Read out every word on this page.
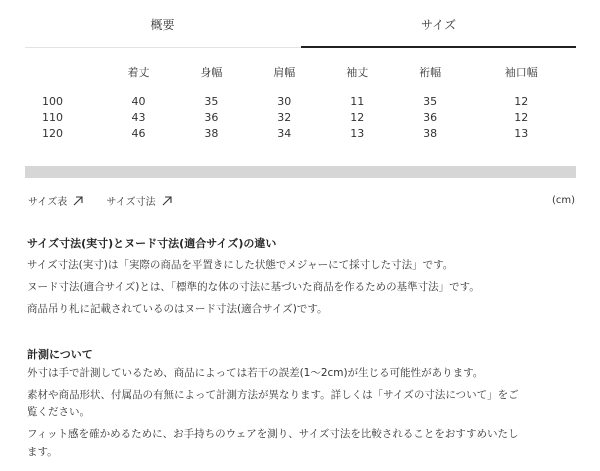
概要	サイズ
	着丈	身幅	肩幅	袖丈	裄幅	袖口幅
100	40	35	30	11	35	12
110	43	36	32	12	36	12
120	46	38	34	13	38	13
サイズ表
	サイズ寸法	(cm)
サイズ寸法(実寸)とヌード寸法(適合サイズ)の違い
サイズ寸法(実寸)は「実際の商品を平置きにした状態でメジャーにて採寸した寸法」です。
ヌード寸法(適合サイズ)とは、「標準的な体の寸法に基づいた商品を作るための基準寸法」です。
商品吊り札に記載されているのはヌード寸法(適合サイズ)です。
計測について
外寸は手で計測しているため、商品によっては若干の誤差(1〜2cm)が生じる可能性があります。
素材や商品形状、付属品の有無によって計測方法が異なります。詳しくは「サイズの寸法について」をご
覧ください。
フィット感を確かめるために、お手持ちのウェアを測り、サイズ寸法を比較されることをおすすめいたし
ます。
